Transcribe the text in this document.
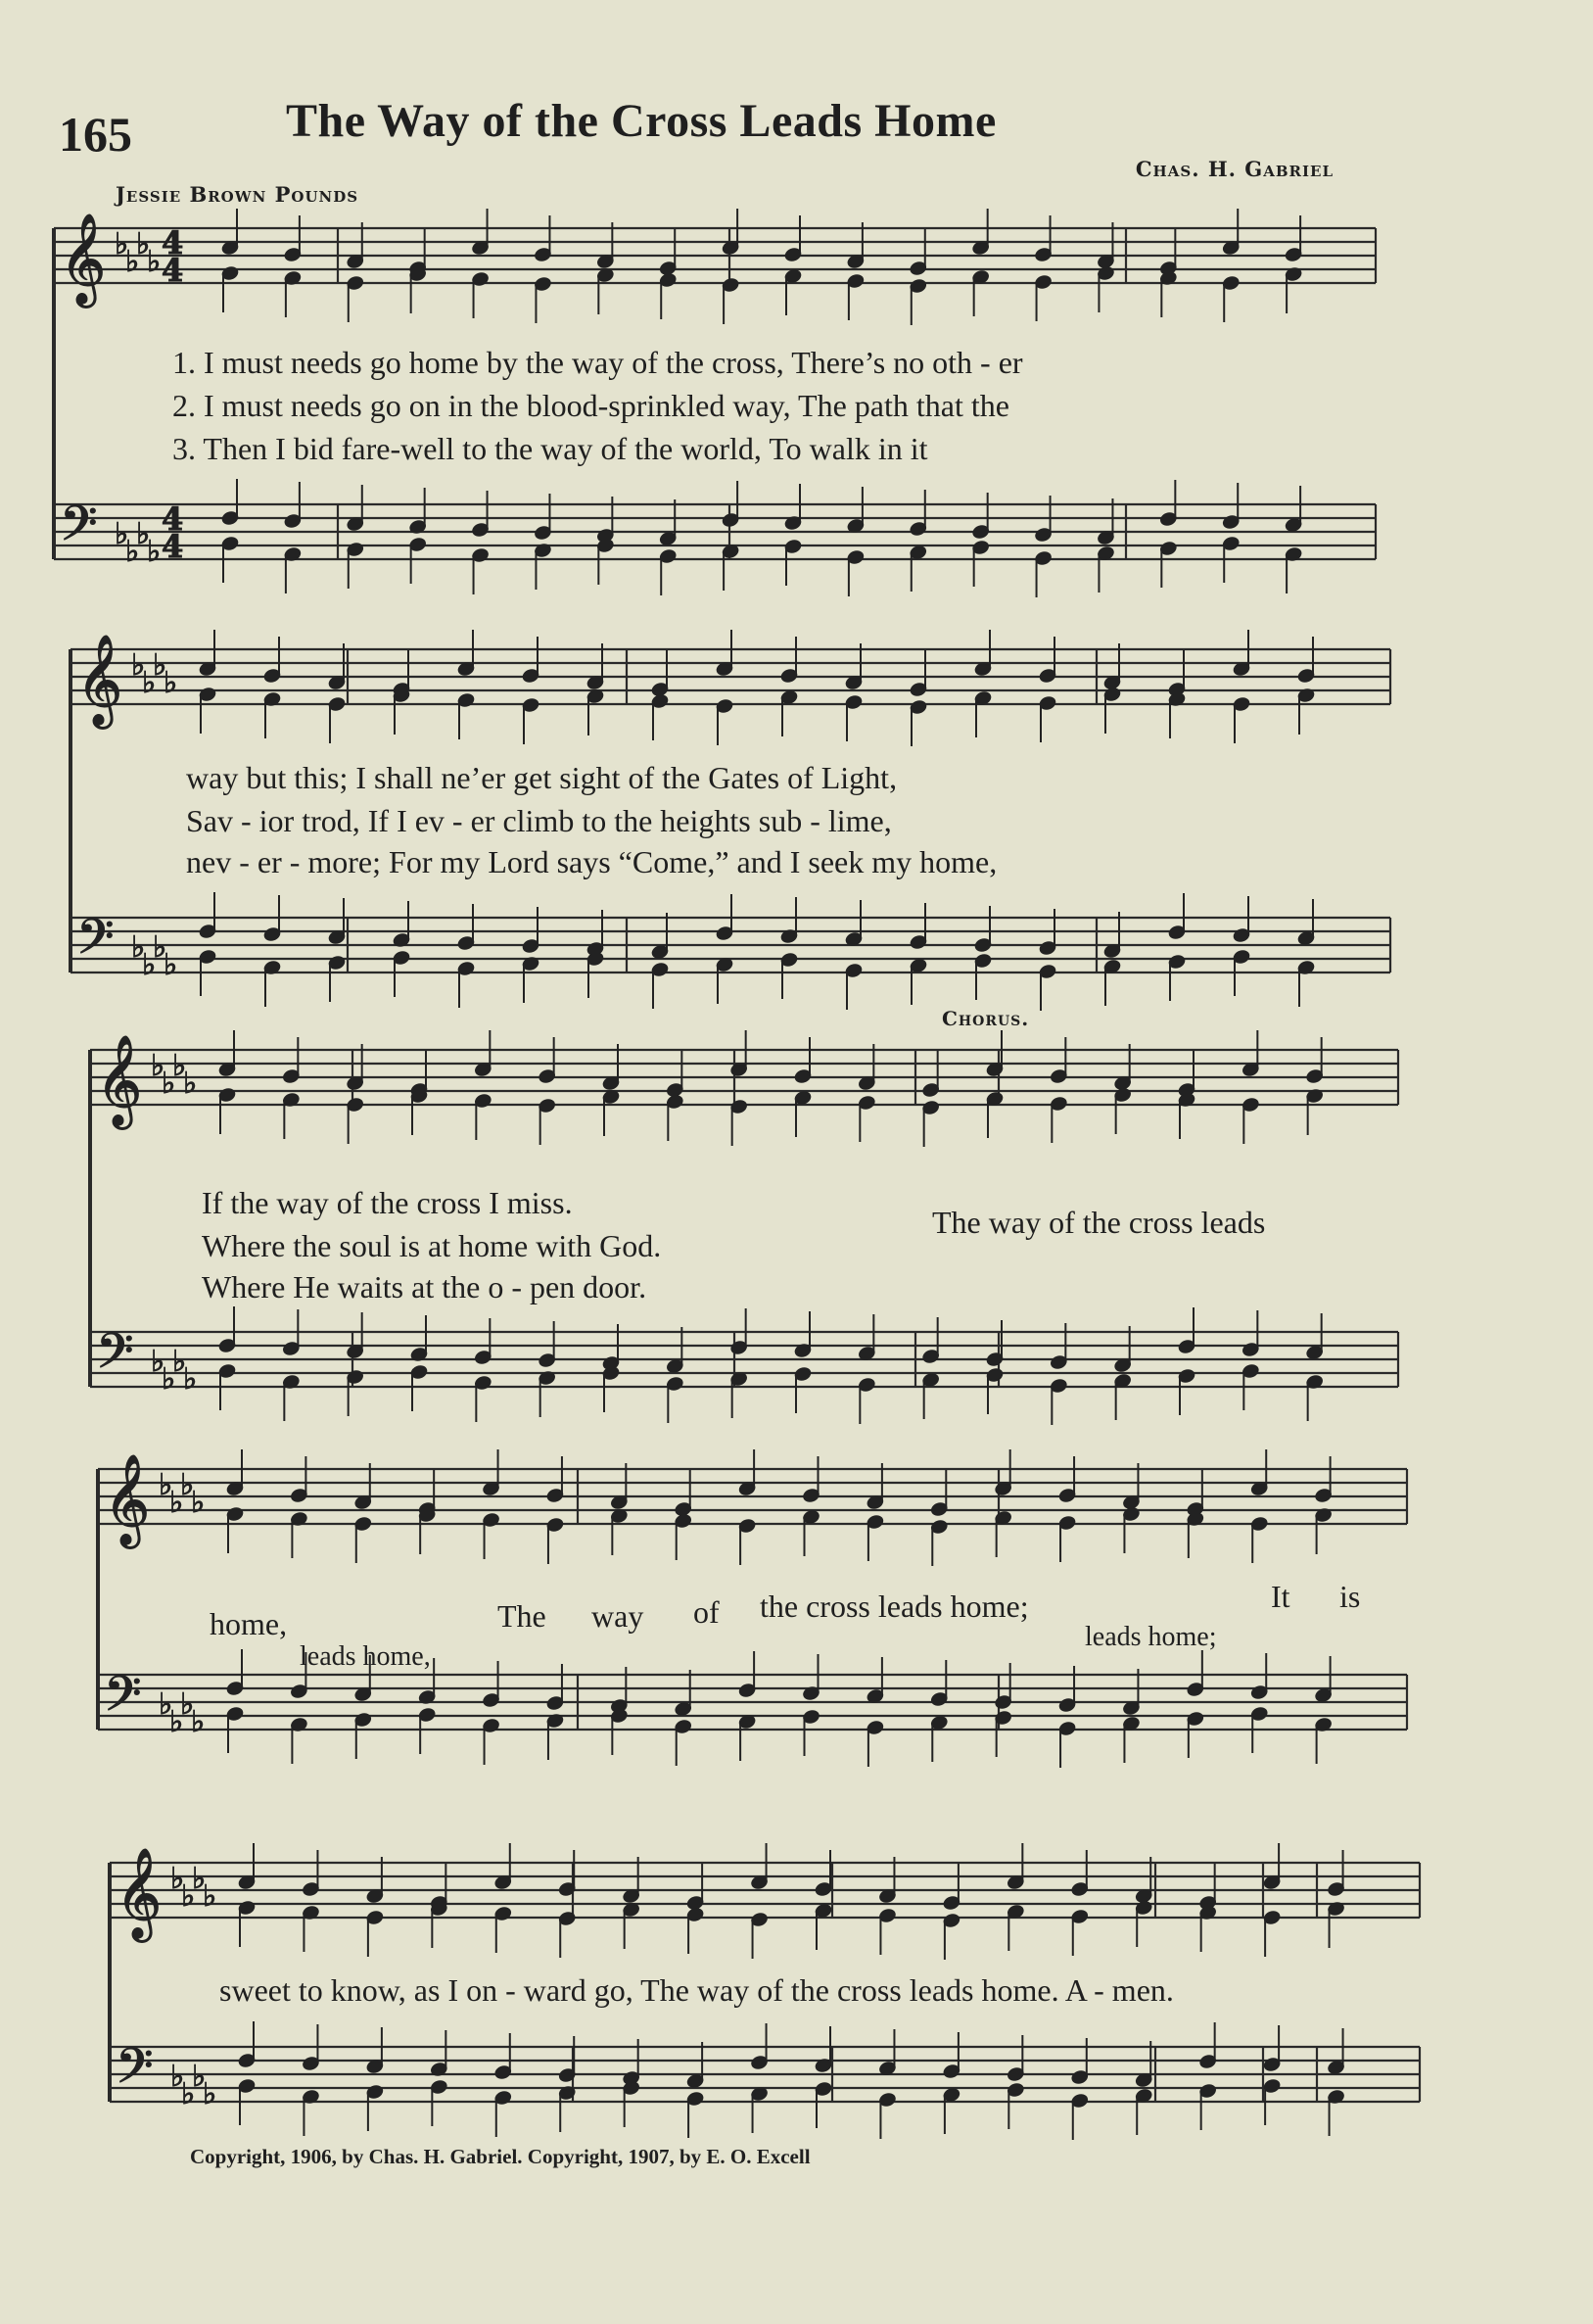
165	The Way of the Cross Leads Home
Chas. H. Gabriel
Jessie Brown Pounds
𝄞
𝄢
♭
♭
♭
♭
♭
♭
♭
♭
4
4
4
4
𝄞
𝄢
♭
♭
♭
♭
♭
♭
♭
♭
𝄞
𝄢
♭
♭
♭
♭
♭
♭
♭
♭
𝄞
𝄢
♭
♭
♭
♭
♭
♭
♭
♭
𝄞
𝄢
♭
♭
♭
♭
♭
♭
♭
♭
1. I must needs go home by the way of the cross, There’s no oth - er
2. I must needs go on in the blood-sprinkled way, The path that the
3. Then I bid fare-well to the way of the world, To walk in it
way but this; I shall ne’er get sight of the Gates of Light,
Sav - ior trod, If I ev - er climb to the heights sub - lime,
nev - er - more; For my Lord says “Come,” and I seek my home,
Chorus.
If the way of the cross I miss.
Where the soul is at home with God.
Where He waits at the o - pen door.
The way of the cross leads
home,	The way of the cross leads home;	It is
leads home,
leads home;
sweet to know, as I on - ward go, The way of the cross leads home. A - men.
Copyright, 1906, by Chas. H. Gabriel. Copyright, 1907, by E. O. Excell
